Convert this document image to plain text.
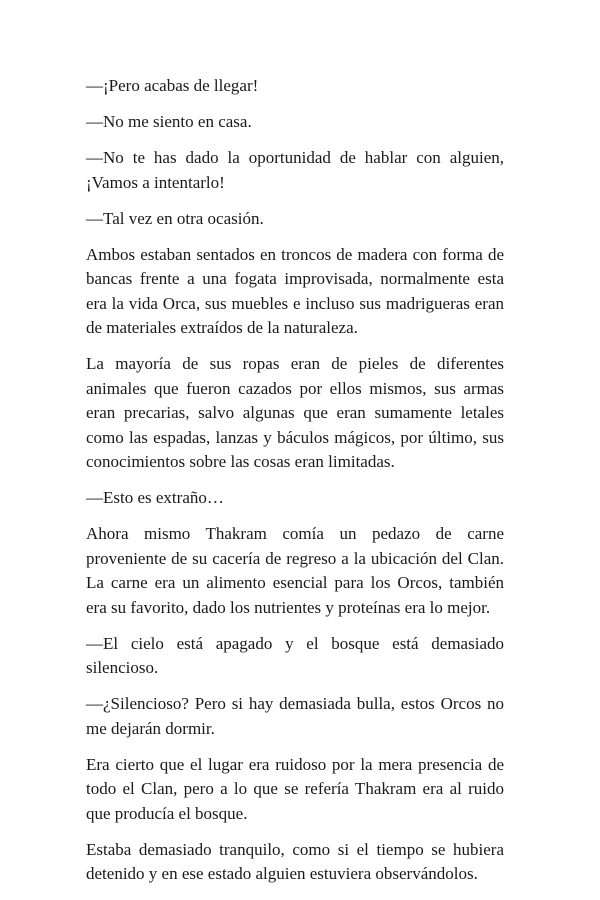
—¡Pero acabas de llegar!

—No me siento en casa.

—No te has dado la oportunidad de hablar con alguien, ¡Vamos a intentarlo!

—Tal vez en otra ocasión.

Ambos estaban sentados en troncos de madera con forma de bancas frente a una fogata improvisada, normalmente esta era la vida Orca, sus muebles e incluso sus madrigueras eran de materiales extraídos de la naturaleza.

La mayoría de sus ropas eran de pieles de diferentes animales que fueron cazados por ellos mismos, sus armas eran precarias, salvo algunas que eran sumamente letales como las espadas, lanzas y báculos mágicos, por último, sus conocimientos sobre las cosas eran limitadas.

—Esto es extraño…

Ahora mismo Thakram comía un pedazo de carne proveniente de su cacería de regreso a la ubicación del Clan. La carne era un alimento esencial para los Orcos, también era su favorito, dado los nutrientes y proteínas era lo mejor.

—El cielo está apagado y el bosque está demasiado silencioso.

—¿Silencioso? Pero si hay demasiada bulla, estos Orcos no me dejarán dormir.

Era cierto que el lugar era ruidoso por la mera presencia de todo el Clan, pero a lo que se refería Thakram era al ruido que producía el bosque.

Estaba demasiado tranquilo, como si el tiempo se hubiera detenido y en ese estado alguien estuviera observándolos.
